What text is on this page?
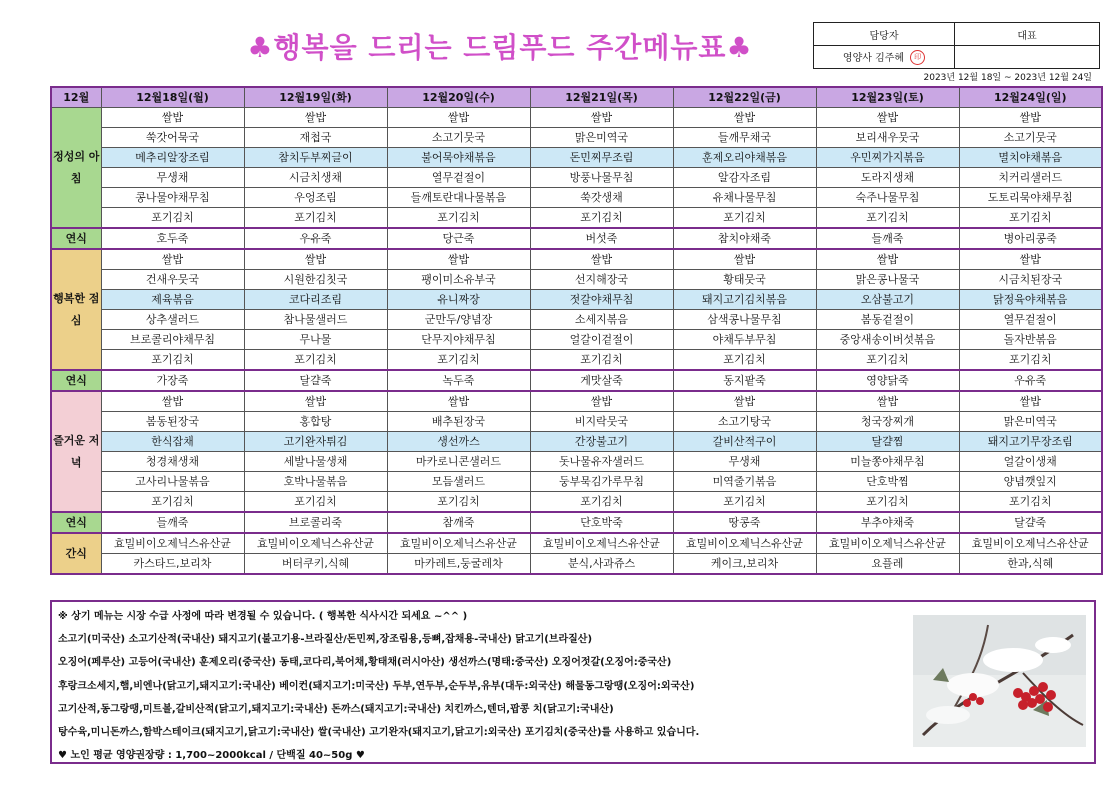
♣행복을 드리는 드림푸드 주간메뉴표♣	담당자	대표
영양사 김주혜 印	
2023년 12월 18일 ~ 2023년 12월 24일
12월	12월18일(월)	12월19일(화)	12월20일(수)	12월21일(목)	12월22일(금)	12월23일(토)	12월24일(일)
정성의 아침	쌀밥	쌀밥	쌀밥	쌀밥	쌀밥	쌀밥	쌀밥
	쑥갓어묵국	재첩국	소고기뭇국	맑은미역국	들깨무채국	보리새우뭇국	소고기뭇국
	메추리알장조림	참치두부찌글이	불어묵야채볶음	돈민찌무조림	훈제오리야채볶음	우민찌가지볶음	멸치야채볶음
	무생채	시금치생채	열무겉절이	방풍나물무침	알감자조림	도라지생채	치커리샐러드
	콩나물야채무침	우엉조림	들깨토란대나물볶음	쑥갓생채	유채나물무침	숙주나물무침	도토리묵야채무침
	포기김치	포기김치	포기김치	포기김치	포기김치	포기김치	포기김치
연식	호두죽	우유죽	당근죽	버섯죽	참치야채죽	들깨죽	병아리콩죽
행복한 점심	쌀밥	쌀밥	쌀밥	쌀밥	쌀밥	쌀밥	쌀밥
	건새우뭇국	시원한김칫국	팽이미소유부국	선지해장국	황태뭇국	맑은콩나물국	시금치된장국
	제육볶음	코다리조림	유니짜장	젓갈야채무침	돼지고기김치볶음	오삼불고기	닭정육야채볶음
	상추샐러드	참나물샐러드	군만두/양념장	소세지볶음	삼색콩나물무침	봄동겉절이	열무겉절이
	브로콜리야채무침	무나물	단무지야채무침	얼갈이겉절이	야채두부무침	중앙새송이버섯볶음	돌자반볶음
	포기김치	포기김치	포기김치	포기김치	포기김치	포기김치	포기김치
연식	가장죽	달걀죽	녹두죽	게맛살죽	동지팥죽	영양닭죽	우유죽
즐거운 저녁	쌀밥	쌀밥	쌀밥	쌀밥	쌀밥	쌀밥	쌀밥
	봄동된장국	홍합탕	배추된장국	비지락뭇국	소고기탕국	청국장찌개	맑은미역국
	한식잡채	고기완자튀김	생선까스	간장불고기	갈비산적구이	달걀찜	돼지고기무장조림
	청경채생채	세발나물생채	마카로니콘샐러드	돗나물유자샐러드	무생채	미늘쫑야채무침	얼갈이생채
	고사리나물볶음	호박나물볶음	모듬샐러드	둥부묵김가루무침	미역줄기볶음	단호박찜	양념깻잎지
	포기김치	포기김치	포기김치	포기김치	포기김치	포기김치	포기김치
연식	들깨죽	브로콜리죽	참깨죽	단호박죽	땅콩죽	부추야채죽	달걀죽
간식	효밀비이오제닉스유산균	효밀비이오제닉스유산균	효밀비이오제닉스유산균	효밀비이오제닉스유산균	효밀비이오제닉스유산균	효밀비이오제닉스유산균	효밀비이오제닉스유산균
	카스타드,보리차	버터쿠키,식혜	마카레트,둥굴레차	분식,사과쥬스	케이크,보리차	요플레	한과,식혜
※ 상기 메뉴는 시장 수급 사정에 따라 변경될 수 있습니다. ( 행복한 식사시간 되세요 ~^^ )
소고기(미국산) 소고기산적(국내산) 돼지고기(불고기용-브라질산/돈민찌,장조림용,등뼈,잡채용-국내산) 닭고기(브라질산)
오징어(페루산) 고등어(국내산) 훈제오리(중국산) 동태,코다리,북어채,황태채(러시아산) 생선까스(명태:중국산) 오징어젓갈(오징어:중국산)
후랑크소세지,햄,비엔나(닭고기,돼지고기:국내산) 베이컨(돼지고기:미국산) 두부,연두부,순두부,유부(대두:외국산) 해물동그랑땡(오징어:외국산)
고기산적,동그랑땡,미트볼,갈비산적(닭고기,돼지고기:국내산) 돈까스(돼지고기:국내산) 치킨까스,텐더,팝콩 치(닭고기:국내산)
탕수육,미니돈까스,함박스테이크(돼지고기,닭고기:국내산) 쌀(국내산) 고기완자(돼지고기,닭고기:외국산) 포기김치(중국산)를 사용하고 있습니다.
♥ 노인 평균 영양권장량 : 1,700~2000kcal / 단백질 40~50g ♥
